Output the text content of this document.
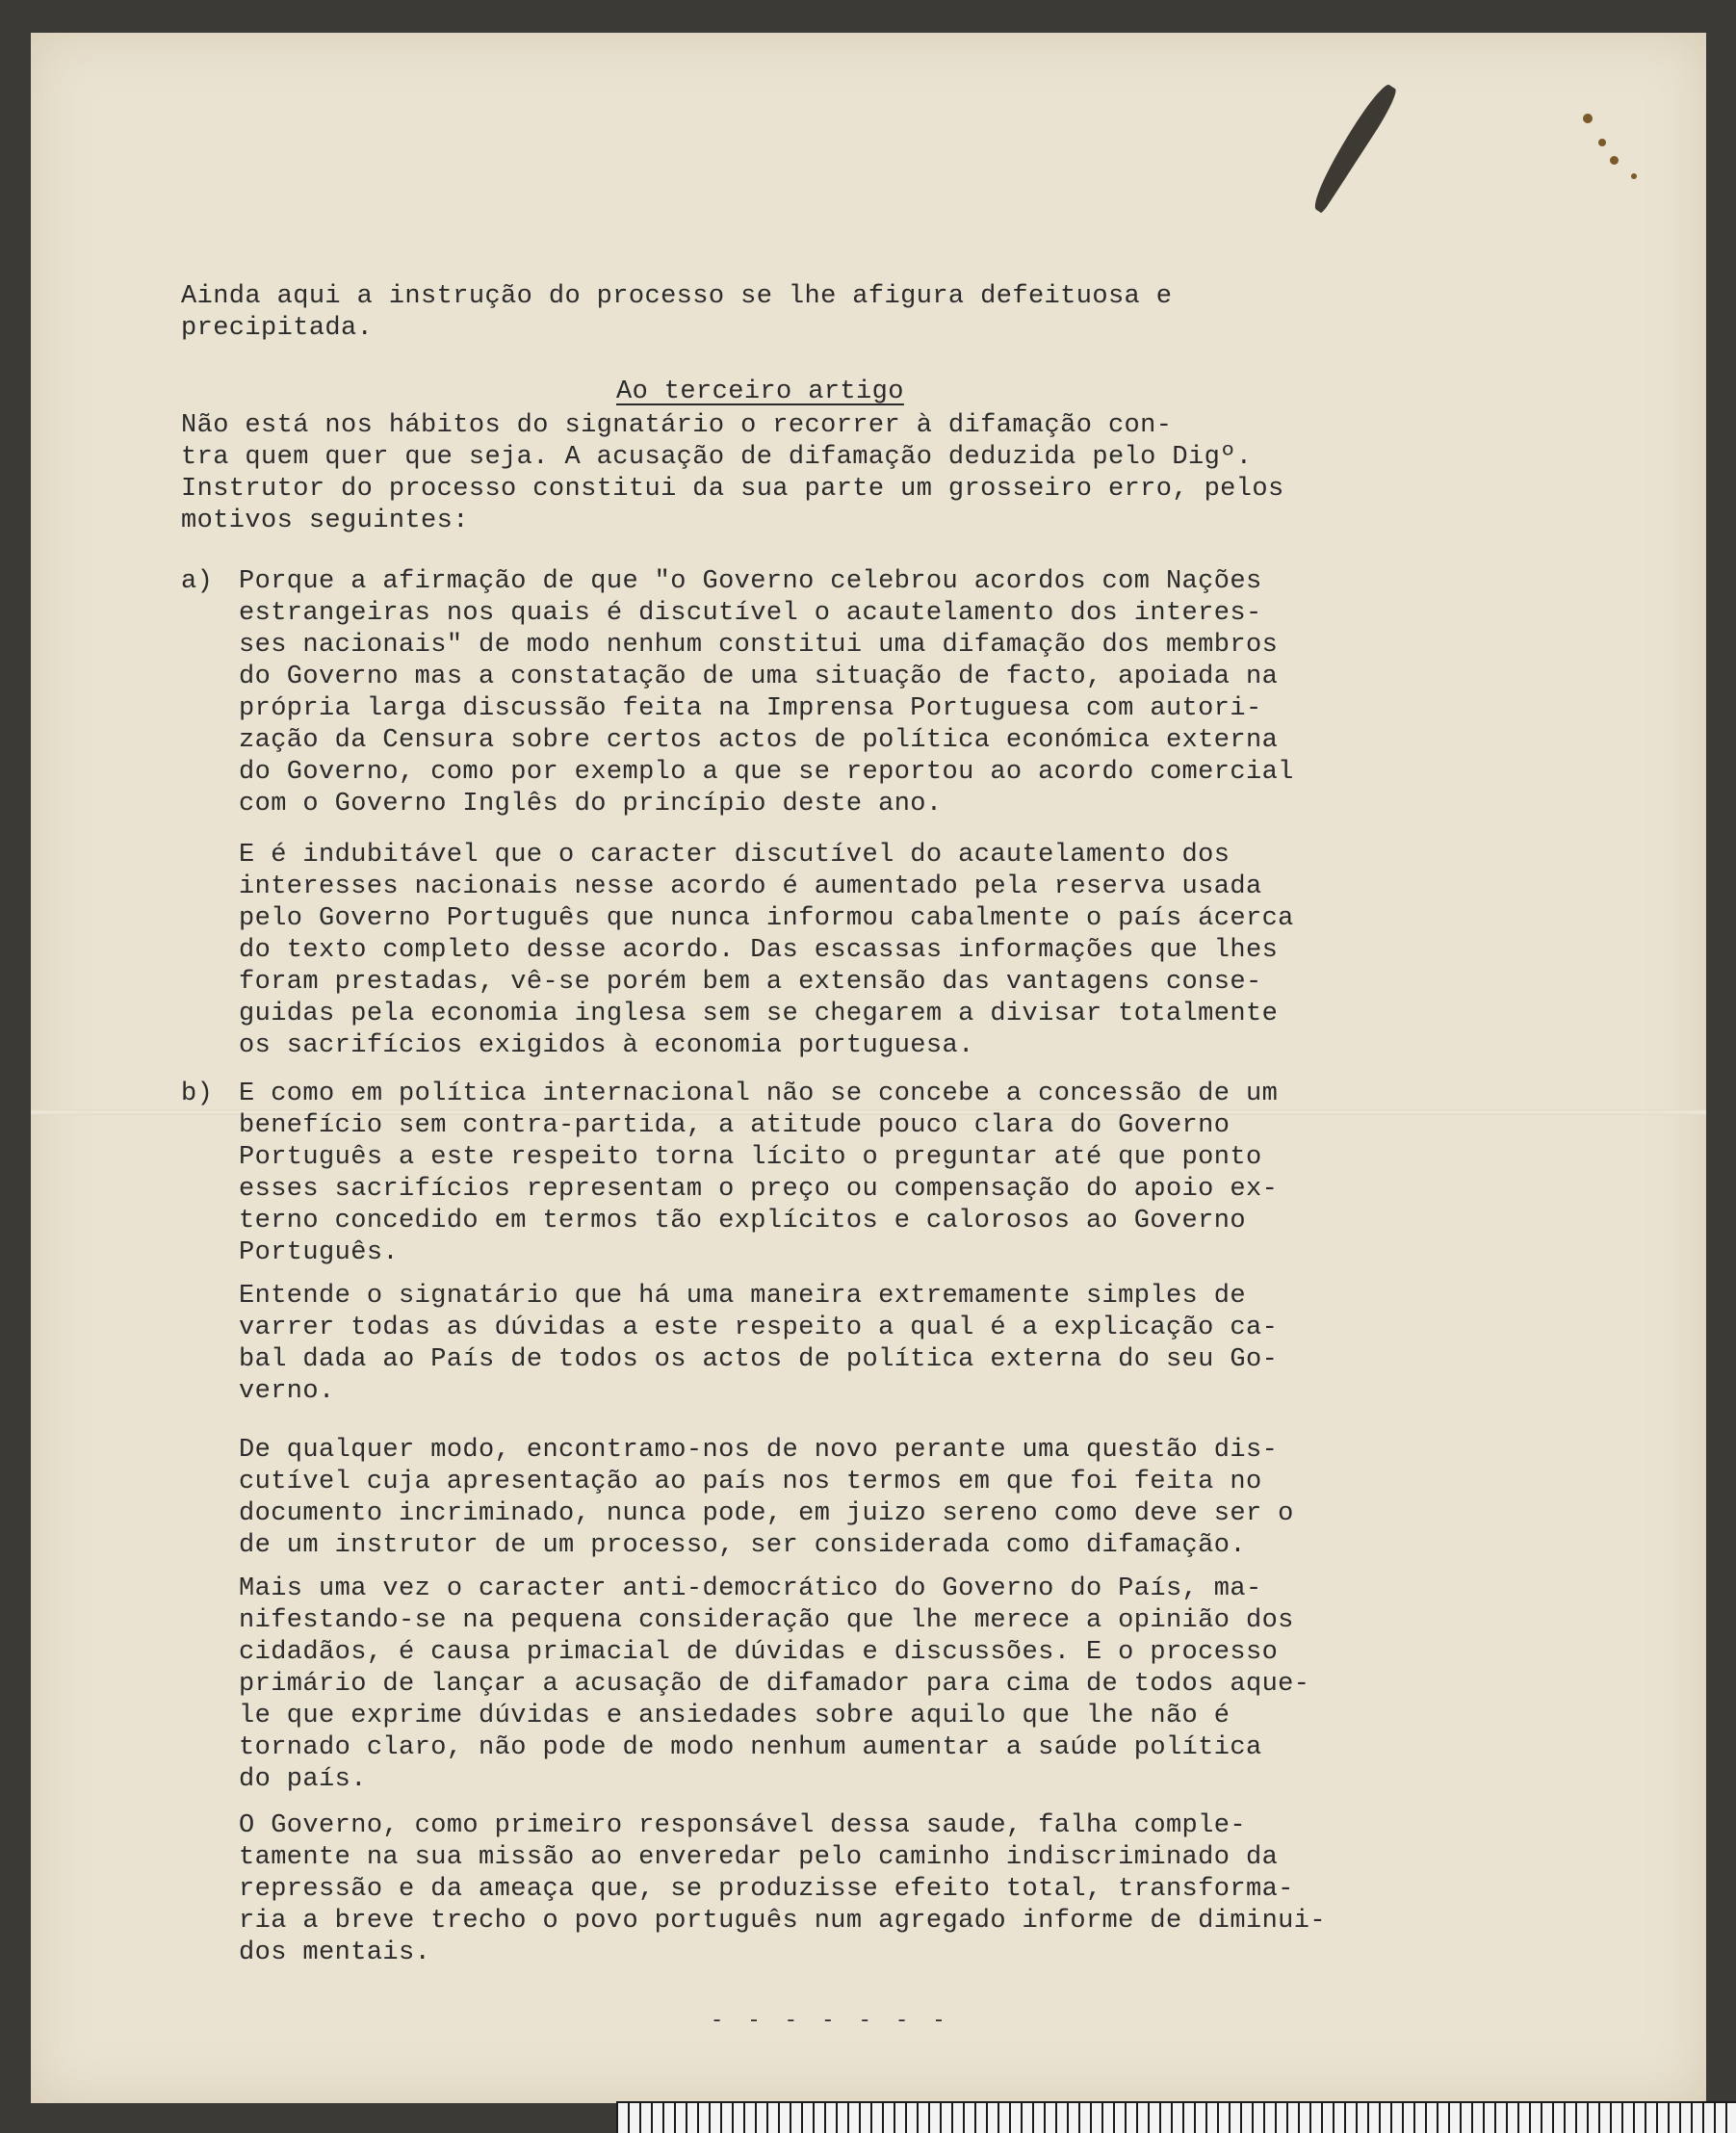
Ainda aqui a instrução do processo se lhe afigura defeituosa e
precipitada.

Ao terceiro artigo

Não está nos hábitos do signatário o recorrer à difamação con-
tra quem quer que seja. A acusação de difamação deduzida pelo Digº.
Instrutor do processo constitui da sua parte um grosseiro erro, pelos
motivos seguintes:

a) Porque a afirmação de que "o Governo celebrou acordos com Nações
estrangeiras nos quais é discutível o acautelamento dos interes-
ses nacionais" de modo nenhum constitui uma difamação dos membros
do Governo mas a constatação de uma situação de facto, apoiada na
própria larga discussão feita na Imprensa Portuguesa com autori-
zação da Censura sobre certos actos de política económica externa
do Governo, como por exemplo a que se reportou ao acordo comercial
com o Governo Inglês do princípio deste ano.

E é indubitável que o caracter discutível do acautelamento dos
interesses nacionais nesse acordo é aumentado pela reserva usada
pelo Governo Português que nunca informou cabalmente o país ácerca
do texto completo desse acordo. Das escassas informações que lhes
foram prestadas, vê-se porém bem a extensão das vantagens conse-
guidas pela economia inglesa sem se chegarem a divisar totalmente
os sacrifícios exigidos à economia portuguesa.

b) E como em política internacional não se concebe a concessão de um
benefício sem contra-partida, a atitude pouco clara do Governo
Português a este respeito torna lícito o preguntar até que ponto
esses sacrifícios representam o preço ou compensação do apoio ex-
terno concedido em termos tão explícitos e calorosos ao Governo
Português.

Entende o signatário que há uma maneira extremamente simples de
varrer todas as dúvidas a este respeito a qual é a explicação ca-
bal dada ao País de todos os actos de política externa do seu Go-
verno.

De qualquer modo, encontramo-nos de novo perante uma questão dis-
cutível cuja apresentação ao país nos termos em que foi feita no
documento incriminado, nunca pode, em juizo sereno como deve ser o
de um instrutor de um processo, ser considerada como difamação.

Mais uma vez o caracter anti-democrático do Governo do País, ma-
nifestando-se na pequena consideração que lhe merece a opinião dos
cidadãos, é causa primacial de dúvidas e discussões. E o processo
primário de lançar a acusação de difamador para cima de todos aque-
le que exprime dúvidas e ansiedades sobre aquilo que lhe não é
tornado claro, não pode de modo nenhum aumentar a saúde política
do país.

O Governo, como primeiro responsável dessa saude, falha comple-
tamente na sua missão ao enveredar pelo caminho indiscriminado da
repressão e da ameaça que, se produzisse efeito total, transforma-
ria a breve trecho o povo português num agregado informe de diminui-
dos mentais.

- - - - - - -
